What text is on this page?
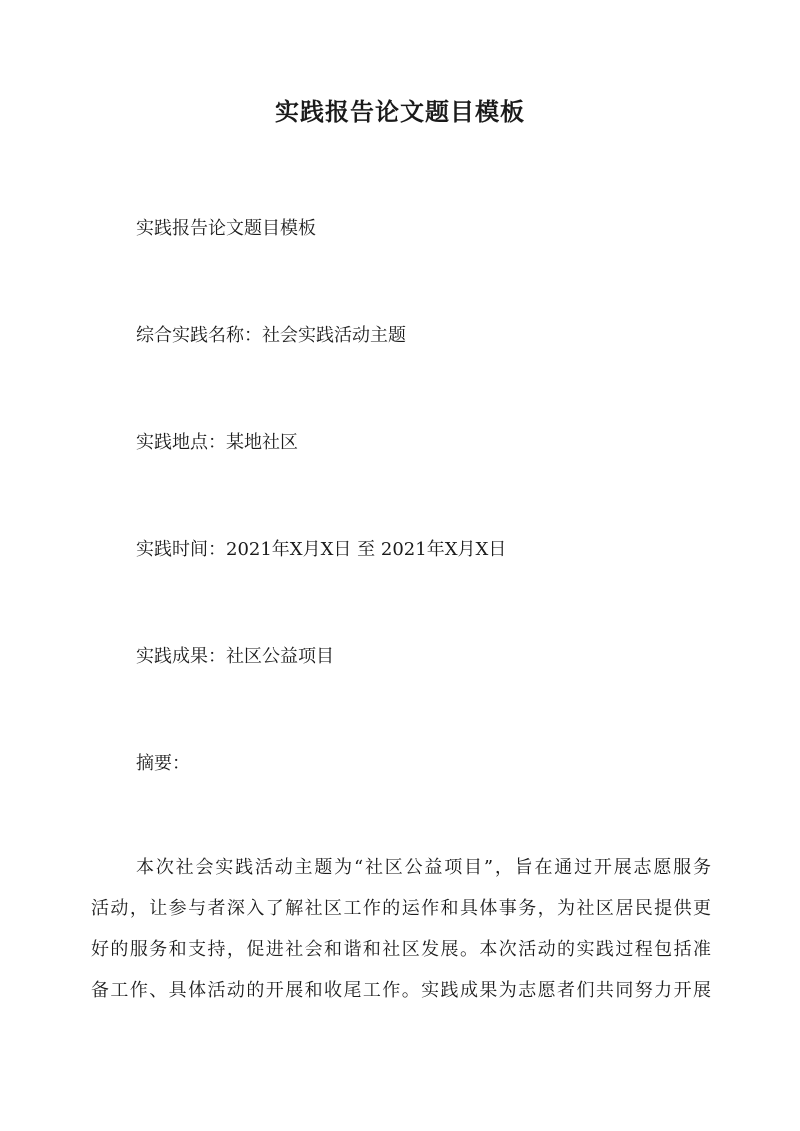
实践报告论文题目模板

实践报告论文题目模板

综合实践名称：社会实践活动主题

实践地点：某地社区

实践时间：2021年X月X日 至 2021年X月X日

实践成果：社区公益项目

摘要：

本次社会实践活动主题为“社区公益项目”，旨在通过开展志愿服务
活动，让参与者深入了解社区工作的运作和具体事务，为社区居民提供更
好的服务和支持，促进社会和谐和社区发展。本次活动的实践过程包括准
备工作、具体活动的开展和收尾工作。实践成果为志愿者们共同努力开展
